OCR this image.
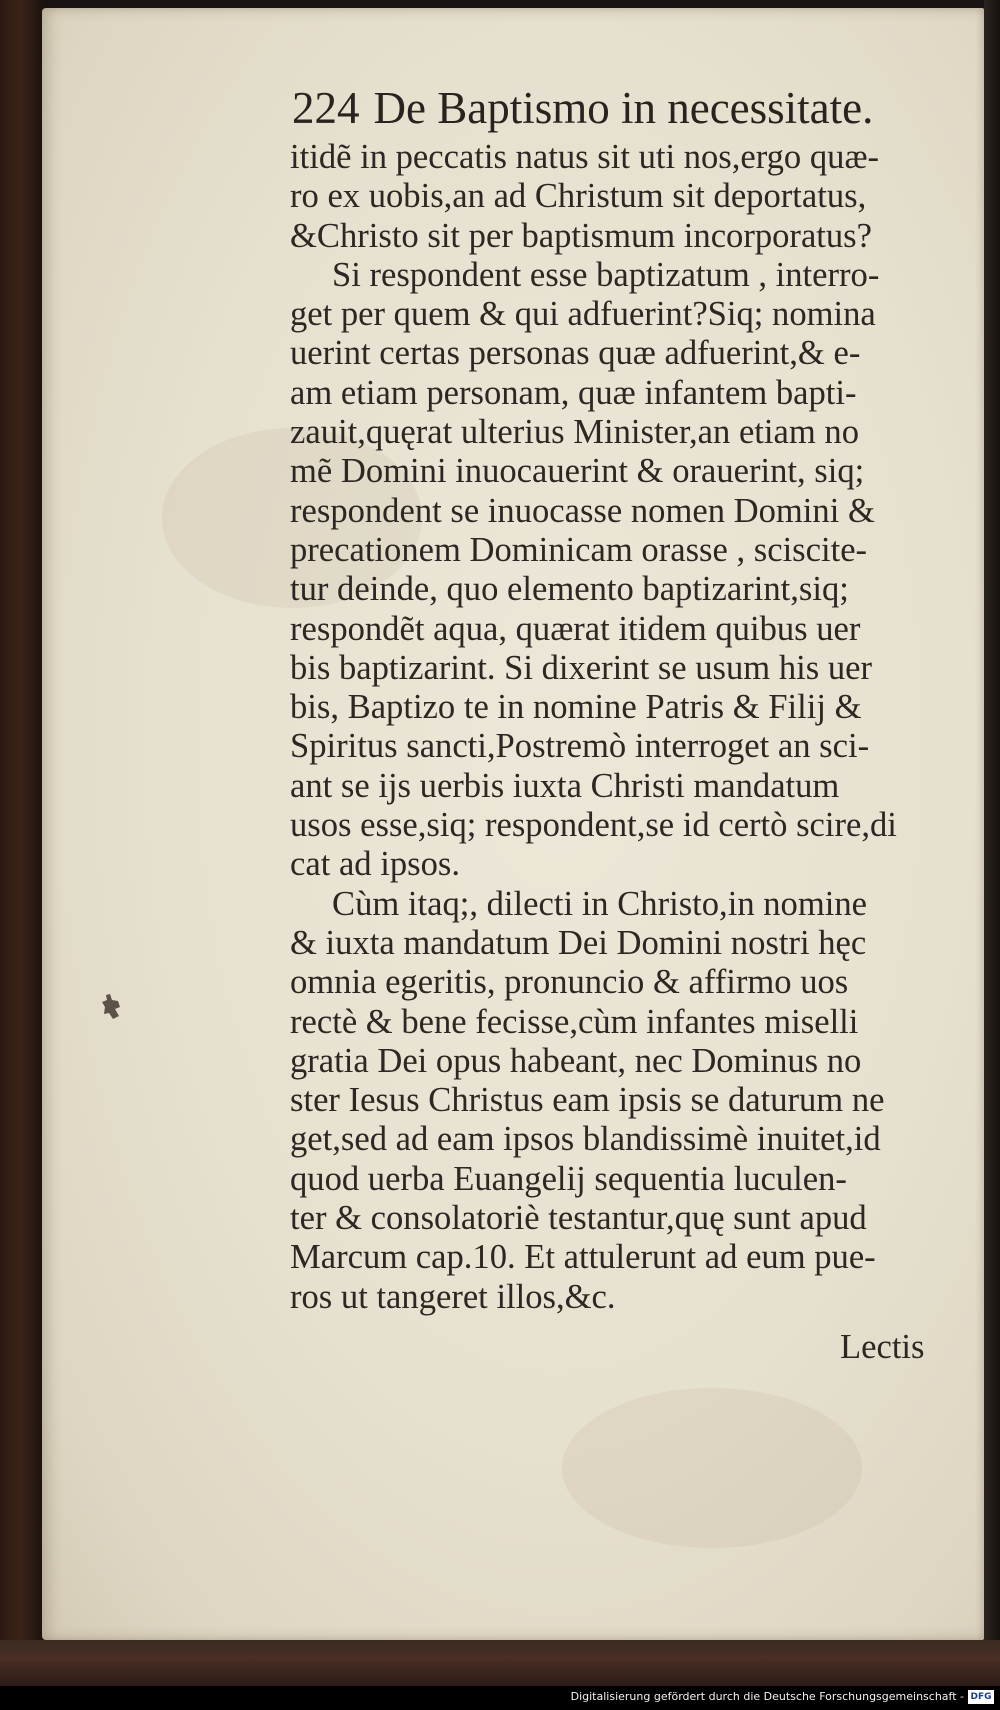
224 De Baptismo in necessitate.
itidẽ in peccatis natus sit uti nos,ergo quæ-
ro ex uobis,an ad Christum sit deportatus,
&Christo sit per baptismum incorporatus?
Si respondent esse baptizatum , interro-
get per quem & qui adfuerint?Siq; nomina
uerint certas personas quæ adfuerint,& e-
am etiam personam, quæ infantem bapti-
zauit,quęrat ulterius Minister,an etiam no
mẽ Domini inuocauerint & orauerint, siq;
respondent se inuocasse nomen Domini &
precationem Dominicam orasse , sciscite-
tur deinde, quo elemento baptizarint,siq;
respondẽt aqua, quærat itidem quibus uer
bis baptizarint. Si dixerint se usum his uer
bis, Baptizo te in nomine Patris & Filij &
Spiritus sancti,Postremò interroget an sci-
ant se ijs uerbis iuxta Christi mandatum
usos esse,siq; respondent,se id certò scire,di
cat ad ipsos.
Cùm itaq;, dilecti in Christo,in nomine
& iuxta mandatum Dei Domini nostri hęc
omnia egeritis, pronuncio & affirmo uos
rectè & bene fecisse,cùm infantes miselli
gratia Dei opus habeant, nec Dominus no
ster Iesus Christus eam ipsis se daturum ne
get,sed ad eam ipsos blandissimè inuitet,id
quod uerba Euangelij sequentia luculen-
ter & consolatoriè testantur,quę sunt apud
Marcum cap.10. Et attulerunt ad eum pue-
ros ut tangeret illos,&c.
Lectis
Digitalisierung gefördert durch die Deutsche Forschungsgemeinschaft - DFG
